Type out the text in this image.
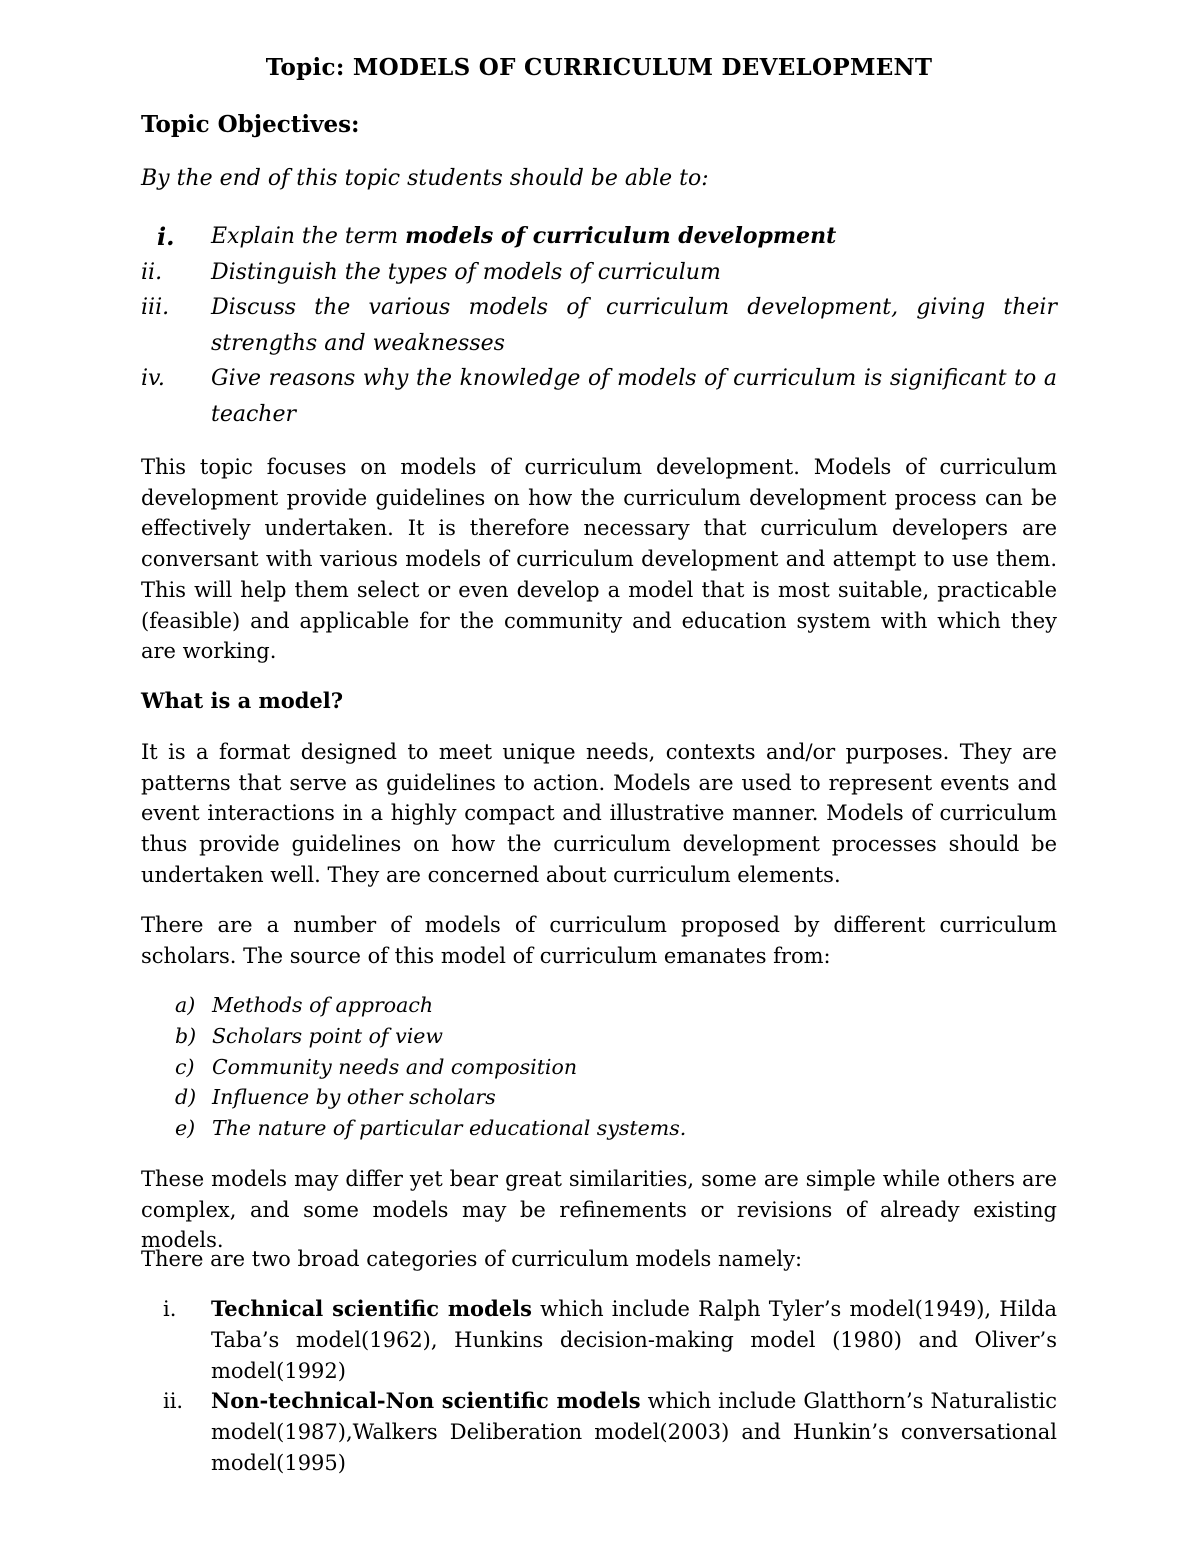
Topic: MODELS OF CURRICULUM DEVELOPMENT
Topic Objectives:
By the end of this topic students should be able to:
i.	Explain the term models of curriculum development
ii.	Distinguish the types of models of curriculum
iii.	Discuss the various models of curriculum development, giving their strengths and weaknesses
iv.	Give reasons why the knowledge of models of curriculum is significant to a teacher
This topic focuses on models of curriculum development. Models of curriculum development provide guidelines on how the curriculum development process can be effectively undertaken. It is therefore necessary that curriculum developers are conversant with various models of curriculum development and attempt to use them. This will help them select or even develop a model that is most suitable, practicable (feasible) and applicable for the community and education system with which they are working.
What is a model?
It is a format designed to meet unique needs, contexts and/or purposes. They are patterns that serve as guidelines to action. Models are used to represent events and event interactions in a highly compact and illustrative manner. Models of curriculum thus provide guidelines on how the curriculum development processes should be undertaken well. They are concerned about curriculum elements.
There are a number of models of curriculum proposed by different curriculum scholars. The source of this model of curriculum emanates from:
a) Methods of approach
b) Scholars point of view
c) Community needs and composition
d) Influence by other scholars
e) The nature of particular educational systems.
These models may differ yet bear great similarities, some are simple while others are complex, and some models may be refinements or revisions of already existing models.
There are two broad categories of curriculum models namely:
i. Technical scientific models which include Ralph Tyler’s model(1949), Hilda Taba’s model(1962), Hunkins decision-making model (1980) and Oliver’s model(1992)
ii. Non-technical-Non scientific models which include Glatthorn’s Naturalistic model(1987),Walkers Deliberation model(2003) and Hunkin’s conversational model(1995)
